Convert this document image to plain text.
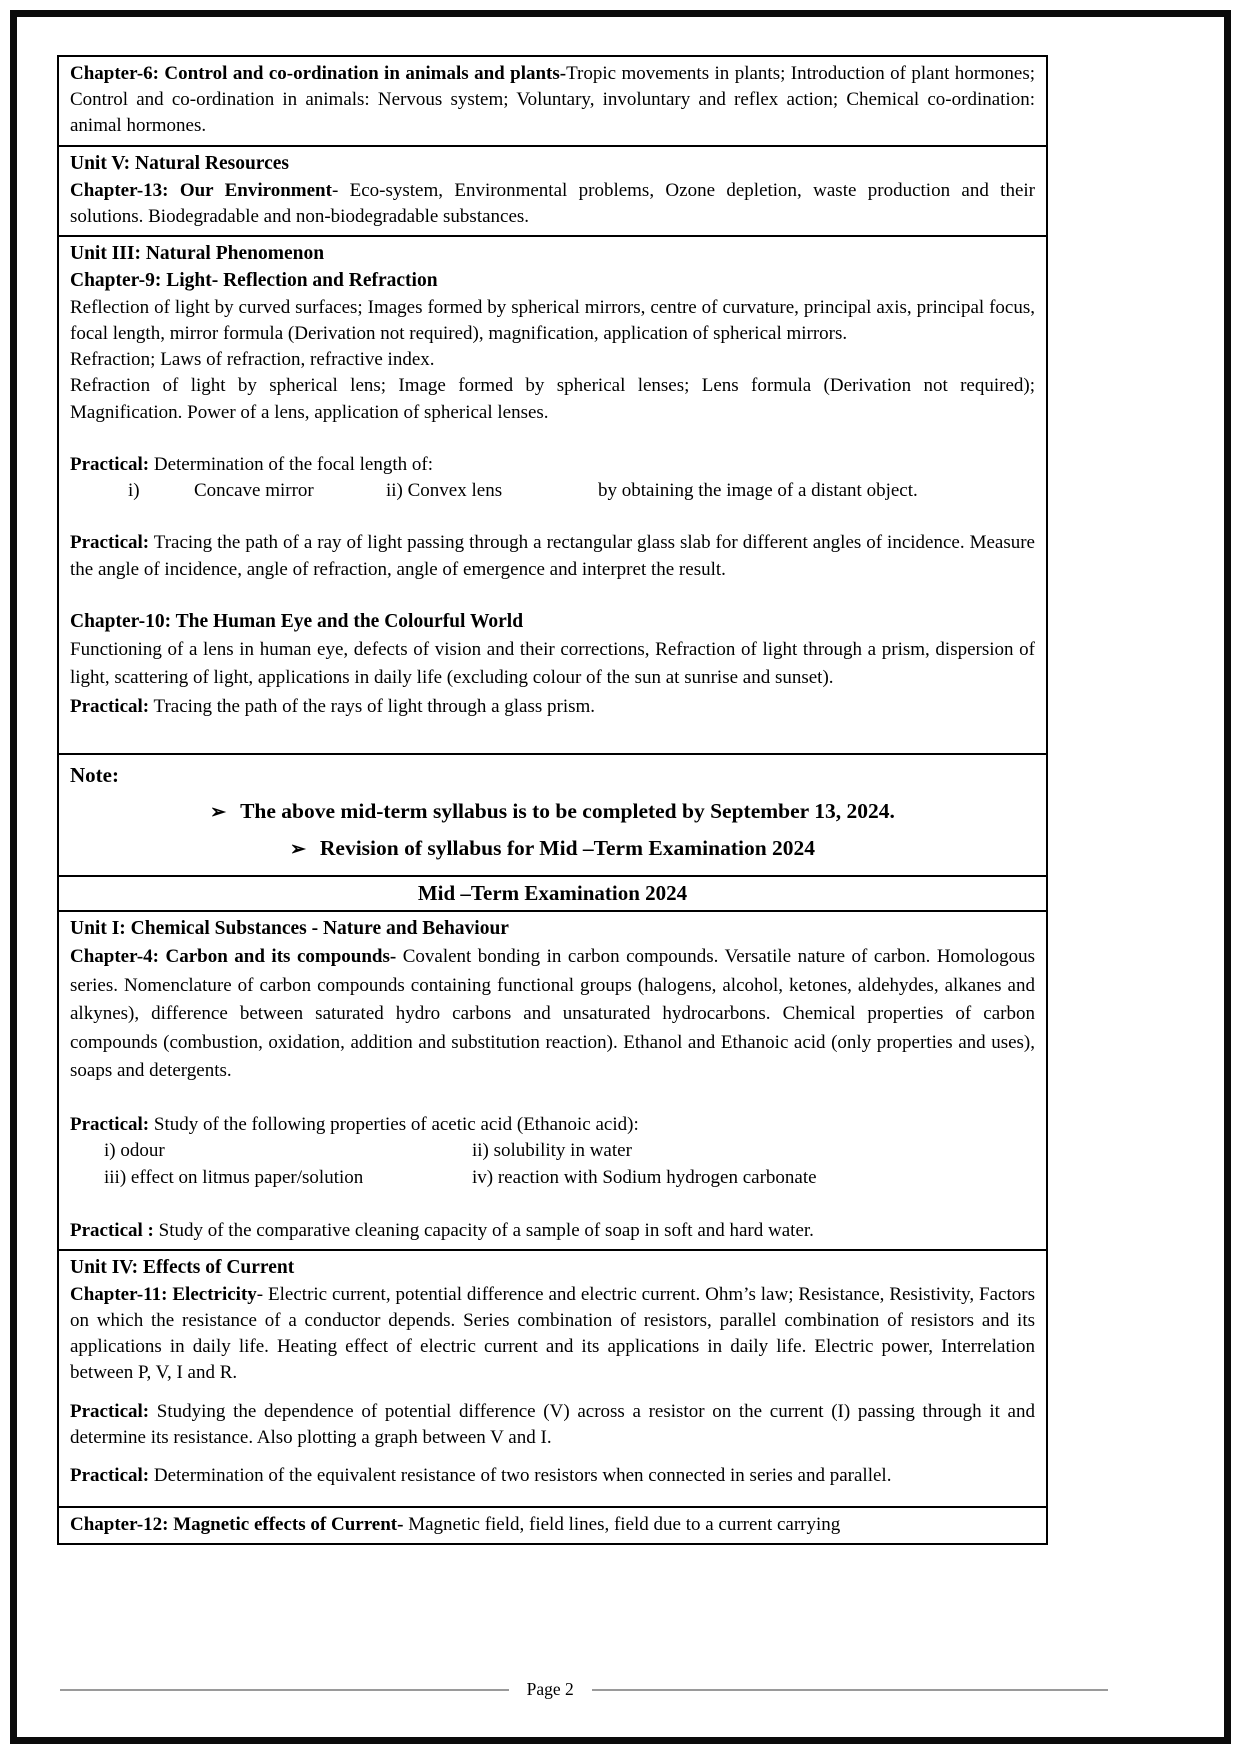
Chapter-6: Control and co-ordination in animals and plants-Tropic movements in plants; Introduction of plant hormones; Control and co-ordination in animals: Nervous system; Voluntary, involuntary and reflex action; Chemical co-ordination: animal hormones.

Unit V: Natural Resources

Chapter-13: Our Environment- Eco-system, Environmental problems, Ozone depletion, waste production and their solutions. Biodegradable and non-biodegradable substances.

Unit III: Natural Phenomenon
Chapter-9: Light- Reflection and Refraction

Reflection of light by curved surfaces; Images formed by spherical mirrors, centre of curvature, principal axis, principal focus, focal length, mirror formula (Derivation not required), magnification, application of spherical mirrors.

Refraction; Laws of refraction, refractive index.

Refraction of light by spherical lens; Image formed by spherical lenses; Lens formula (Derivation not required); Magnification. Power of a lens, application of spherical lenses.

Practical: Determination of the focal length of:

i)	Concave mirror	ii) Convex lens	by obtaining the image of a distant object.

Practical: Tracing the path of a ray of light passing through a rectangular glass slab for different angles of incidence. Measure the angle of incidence, angle of refraction, angle of emergence and interpret the result.

Chapter-10: The Human Eye and the Colourful World

Functioning of a lens in human eye, defects of vision and their corrections, Refraction of light through a prism, dispersion of light, scattering of light, applications in daily life (excluding colour of the sun at sunrise and sunset).

Practical: Tracing the path of the rays of light through a glass prism.

Note:
➢ The above mid-term syllabus is to be completed by September 13, 2024.
➢ Revision of syllabus for Mid –Term Examination 2024
Mid –Term Examination 2024
Unit I: Chemical Substances - Nature and Behaviour

Chapter-4: Carbon and its compounds- Covalent bonding in carbon compounds. Versatile nature of carbon. Homologous series. Nomenclature of carbon compounds containing functional groups (halogens, alcohol, ketones, aldehydes, alkanes and alkynes), difference between saturated hydro carbons and unsaturated hydrocarbons. Chemical properties of carbon compounds (combustion, oxidation, addition and substitution reaction). Ethanol and Ethanoic acid (only properties and uses), soaps and detergents.

Practical: Study of the following properties of acetic acid (Ethanoic acid):

i) odour	ii) solubility in water
iii) effect on litmus paper/solution	iv) reaction with Sodium hydrogen carbonate

Practical : Study of the comparative cleaning capacity of a sample of soap in soft and hard water.

Unit IV: Effects of Current

Chapter-11: Electricity- Electric current, potential difference and electric current. Ohm’s law; Resistance, Resistivity, Factors on which the resistance of a conductor depends. Series combination of resistors, parallel combination of resistors and its applications in daily life. Heating effect of electric current and its applications in daily life. Electric power, Interrelation between P, V, I and R.

Practical: Studying the dependence of potential difference (V) across a resistor on the current (I) passing through it and determine its resistance. Also plotting a graph between V and I.

Practical: Determination of the equivalent resistance of two resistors when connected in series and parallel.

Chapter-12: Magnetic effects of Current- Magnetic field, field lines, field due to a current carrying

Page 2
